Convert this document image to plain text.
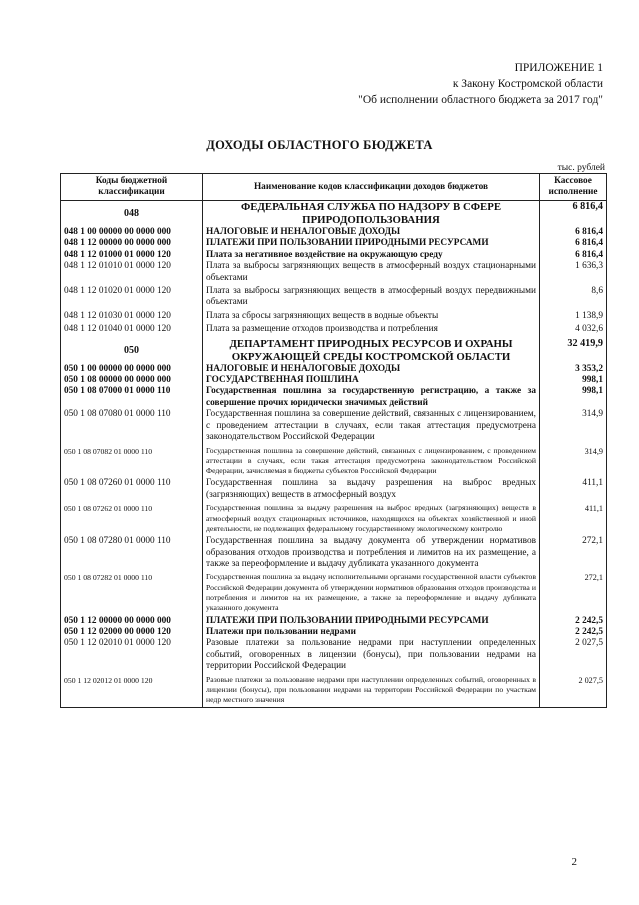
ПРИЛОЖЕНИЕ 1
к Закону Костромской области
"Об исполнении областного бюджета за 2017 год"
ДОХОДЫ ОБЛАСТНОГО БЮДЖЕТА
тыс. рублей
Коды бюджетной классификации	Наименование кодов классификации доходов бюджетов	Кассовое исполнение
048	ФЕДЕРАЛЬНАЯ СЛУЖБА ПО НАДЗОРУ В СФЕРЕ ПРИРОДОПОЛЬЗОВАНИЯ	6 816,4
048 1 00 00000 00 0000 000	НАЛОГОВЫЕ И НЕНАЛОГОВЫЕ ДОХОДЫ	6 816,4
048 1 12 00000 00 0000 000	ПЛАТЕЖИ ПРИ ПОЛЬЗОВАНИИ ПРИРОДНЫМИ РЕСУРСАМИ	6 816,4
048 1 12 01000 01 0000 120	Плата за негативное воздействие на окружающую среду	6 816,4
048 1 12 01010 01 0000 120	Плата за выбросы загрязняющих веществ в атмосферный воздух стационарными объектами	1 636,3
048 1 12 01020 01 0000 120	Плата за выбросы загрязняющих веществ в атмосферный воздух передвижными объектами	8,6
048 1 12 01030 01 0000 120	Плата за сбросы загрязняющих веществ в водные объекты	1 138,9
048 1 12 01040 01 0000 120	Плата за размещение отходов производства и потребления	4 032,6
050	ДЕПАРТАМЕНТ ПРИРОДНЫХ РЕСУРСОВ И ОХРАНЫ ОКРУЖАЮЩЕЙ СРЕДЫ КОСТРОМСКОЙ ОБЛАСТИ	32 419,9
050 1 00 00000 00 0000 000	НАЛОГОВЫЕ И НЕНАЛОГОВЫЕ ДОХОДЫ	3 353,2
050 1 08 00000 00 0000 000	ГОСУДАРСТВЕННАЯ ПОШЛИНА	998,1
050 1 08 07000 01 0000 110	Государственная пошлина за государственную регистрацию, а также за совершение прочих юридически значимых действий	998,1
050 1 08 07080 01 0000 110	Государственная пошлина за совершение действий, связанных с лицензированием, с проведением аттестации в случаях, если такая аттестация предусмотрена законодательством Российской Федерации	314,9
050 1 08 07082 01 0000 110	Государственная пошлина за совершение действий, связанных с лицензированием, с проведением аттестации в случаях, если такая аттестация предусмотрена законодательством Российской Федерации, зачисляемая в бюджеты субъектов Российской Федерации	314,9
050 1 08 07260 01 0000 110	Государственная пошлина за выдачу разрешения на выброс вредных (загрязняющих) веществ в атмосферный воздух	411,1
050 1 08 07262 01 0000 110	Государственная пошлина за выдачу разрешения на выброс вредных (загрязняющих) веществ в атмосферный воздух стационарных источников, находящихся на объектах хозяйственной и иной деятельности, не подлежащих федеральному государственному экологическому контролю	411,1
050 1 08 07280 01 0000 110	Государственная пошлина за выдачу документа об утверждении нормативов образования отходов производства и потребления и лимитов на их размещение, а также за переоформление и выдачу дубликата указанного документа	272,1
050 1 08 07282 01 0000 110	Государственная пошлина за выдачу исполнительными органами государственной власти субъектов Российской Федерации документа об утверждении нормативов образования отходов производства и потребления и лимитов на их размещение, а также за переоформление и выдачу дубликата указанного документа	272,1
050 1 12 00000 00 0000 000	ПЛАТЕЖИ ПРИ ПОЛЬЗОВАНИИ ПРИРОДНЫМИ РЕСУРСАМИ	2 242,5
050 1 12 02000 00 0000 120	Платежи при пользовании недрами	2 242,5
050 1 12 02010 01 0000 120	Разовые платежи за пользование недрами при наступлении определенных событий, оговоренных в лицензии (бонусы), при пользовании недрами на территории Российской Федерации	2 027,5
050 1 12 02012 01 0000 120	Разовые платежи за пользование недрами при наступлении определенных событий, оговоренных в лицензии (бонусы), при пользовании недрами на территории Российской Федерации по участкам недр местного значения	2 027,5
2
